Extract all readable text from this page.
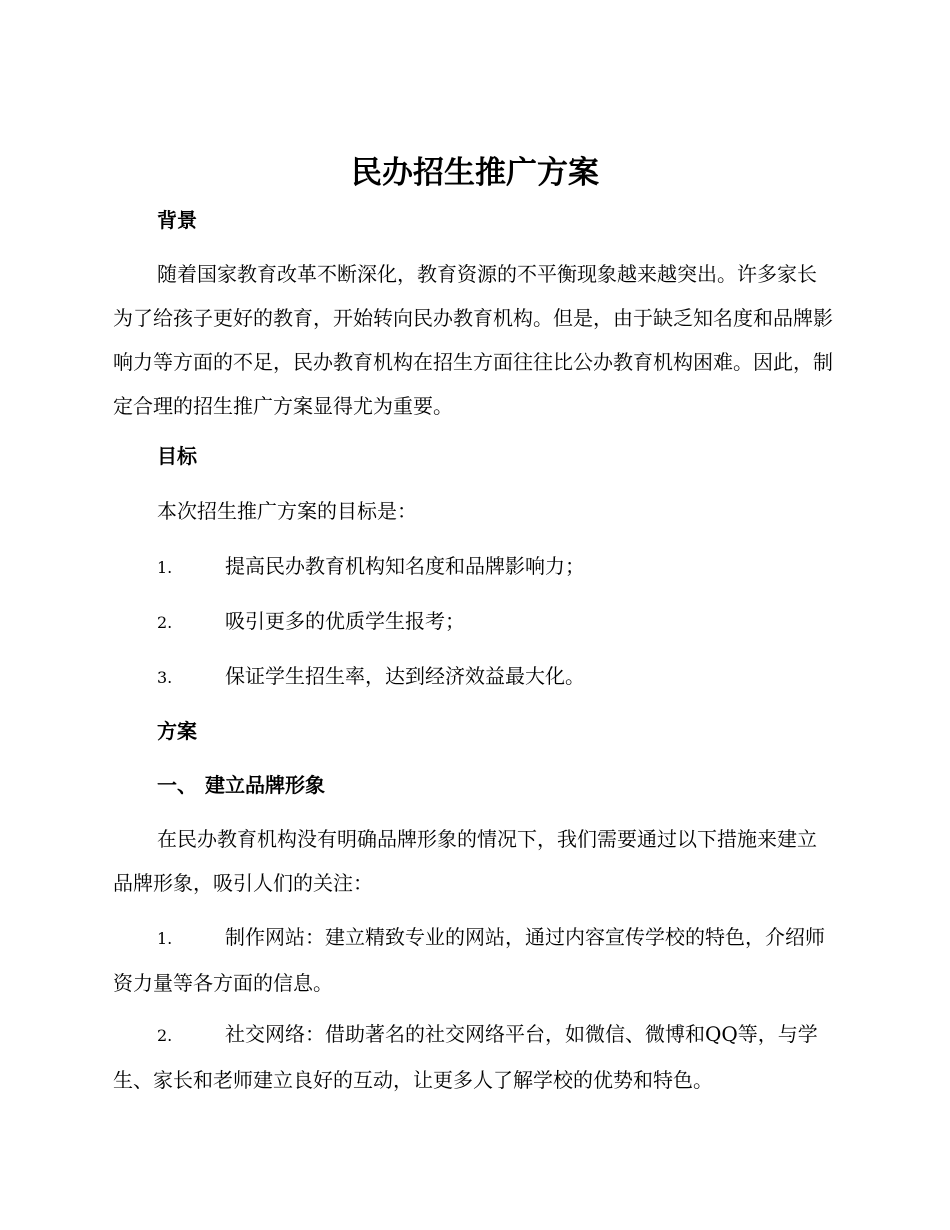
民办招生推广方案
背景

随着国家教育改革不断深化，教育资源的不平衡现象越来越突出。许多家长为了给孩子更好的教育，开始转向民办教育机构。但是，由于缺乏知名度和品牌影响力等方面的不足，民办教育机构在招生方面往往比公办教育机构困难。因此，制定合理的招生推广方案显得尤为重要。

目标

本次招生推广方案的目标是：

1.	提高民办教育机构知名度和品牌影响力；

2.	吸引更多的优质学生报考；

3.	保证学生招生率，达到经济效益最大化。

方案
一、 建立品牌形象

在民办教育机构没有明确品牌形象的情况下，我们需要通过以下措施来建立品牌形象，吸引人们的关注：

1.	制作网站：建立精致专业的网站，通过内容宣传学校的特色，介绍师资力量等各方面的信息。

2.	社交网络：借助著名的社交网络平台，如微信、微博和QQ等，与学生、家长和老师建立良好的互动，让更多人了解学校的优势和特色。
